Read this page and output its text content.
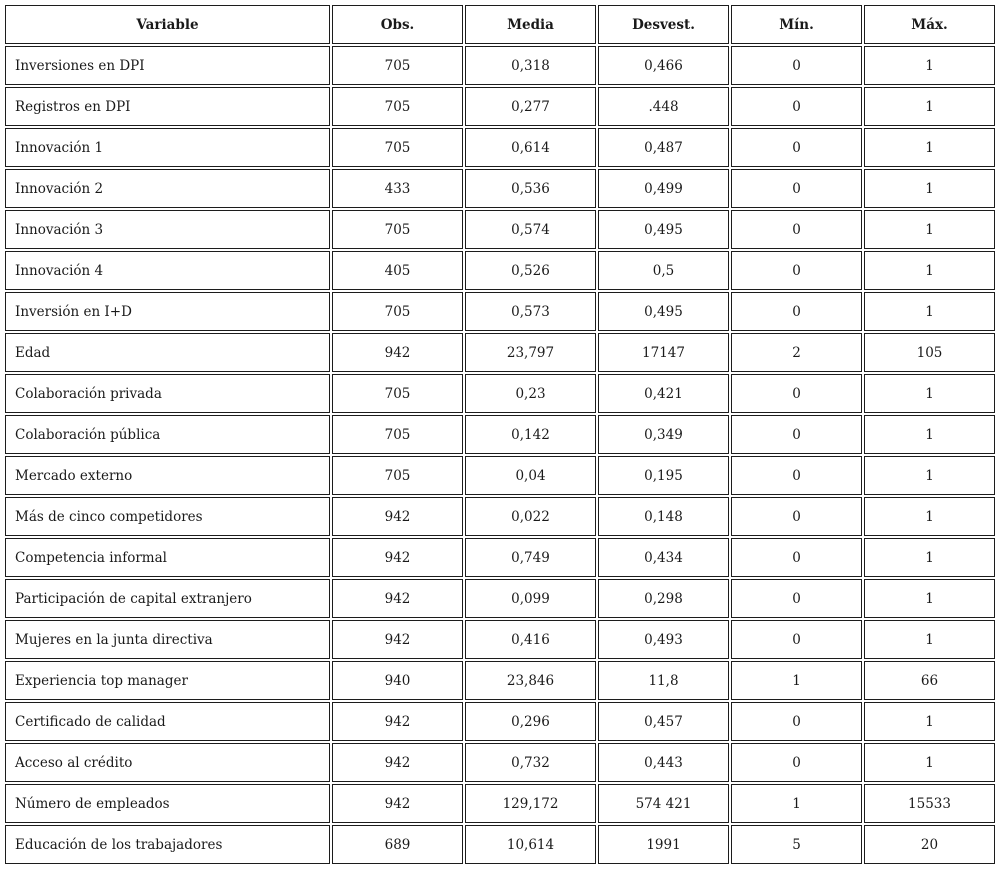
Variable	Obs.	Media	Desvest.	Mín.	Máx.
Inversiones en DPI	705	0,318	0,466	0	1
Registros en DPI	705	0,277	.448	0	1
Innovación 1	705	0,614	0,487	0	1
Innovación 2	433	0,536	0,499	0	1
Innovación 3	705	0,574	0,495	0	1
Innovación 4	405	0,526	0,5	0	1
Inversión en I+D	705	0,573	0,495	0	1
Edad	942	23,797	17147	2	105
Colaboración privada	705	0,23	0,421	0	1
Colaboración pública	705	0,142	0,349	0	1
Mercado externo	705	0,04	0,195	0	1
Más de cinco competidores	942	0,022	0,148	0	1
Competencia informal	942	0,749	0,434	0	1
Participación de capital extranjero	942	0,099	0,298	0	1
Mujeres en la junta directiva	942	0,416	0,493	0	1
Experiencia top manager	940	23,846	11,8	1	66
Certificado de calidad	942	0,296	0,457	0	1
Acceso al crédito	942	0,732	0,443	0	1
Número de empleados	942	129,172	574 421	1	15533
Educación de los trabajadores	689	10,614	1991	5	20
